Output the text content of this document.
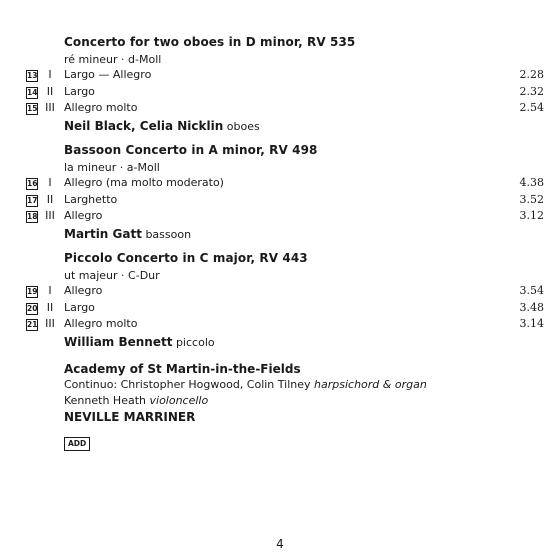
Concerto for two oboes in D minor, RV 535
ré mineur · d-Moll
13 I	Largo — Allegro	2.28
14 II Largo	2.32
15 III Allegro molto	2.54
Neil Black, Celia Nicklin oboes
Bassoon Concerto in A minor, RV 498
la mineur · a-Moll
16 I	Allegro (ma molto moderato)	4.38
17 II Larghetto	3.52
18 III Allegro	3.12
Martin Gatt bassoon
Piccolo Concerto in C major, RV 443
ut majeur · C-Dur
19 I	Allegro	3.54
20 II Largo	3.48
21 III Allegro molto	3.14
William Bennett piccolo
Academy of St Martin-in-the-Fields
Continuo: Christopher Hogwood, Colin Tilney harpsichord & organ
Kenneth Heath violoncello
NEVILLE MARRINER
ADD
4
